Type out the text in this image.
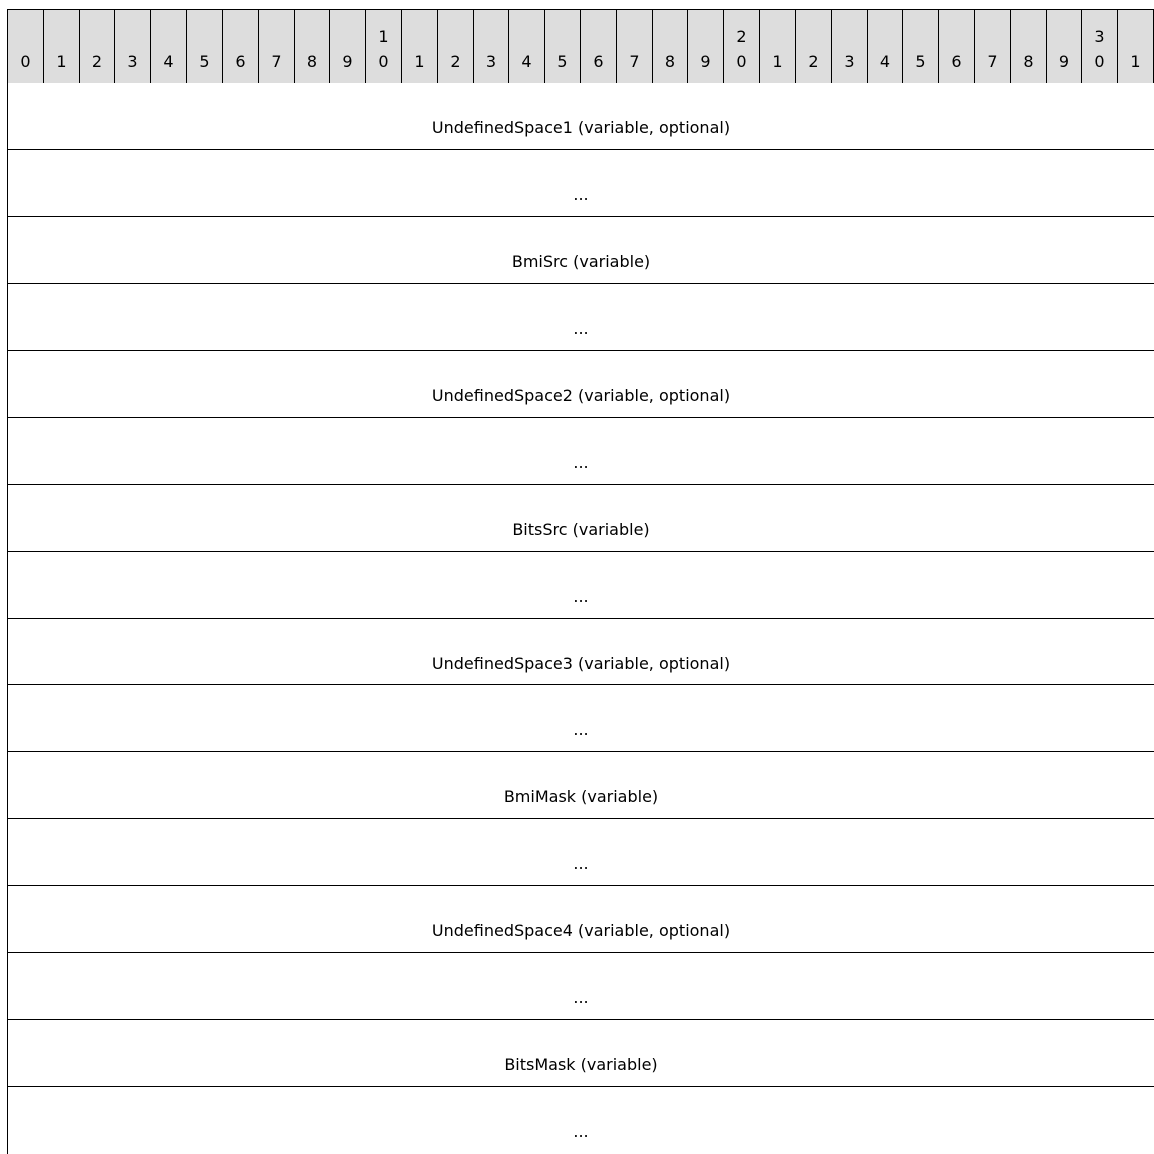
0	1	2	3	4	5	6	7	8	9
1
0	1	2	3	4	5	6	7	8	9
2
0	1	2	3	4	5	6	7	8	9
3
0	1
UndefinedSpace1 (variable, optional)
...
BmiSrc (variable)
...
UndefinedSpace2 (variable, optional)
...
BitsSrc (variable)
...
UndefinedSpace3 (variable, optional)
...
BmiMask (variable)
...
UndefinedSpace4 (variable, optional)
...
BitsMask (variable)
...
